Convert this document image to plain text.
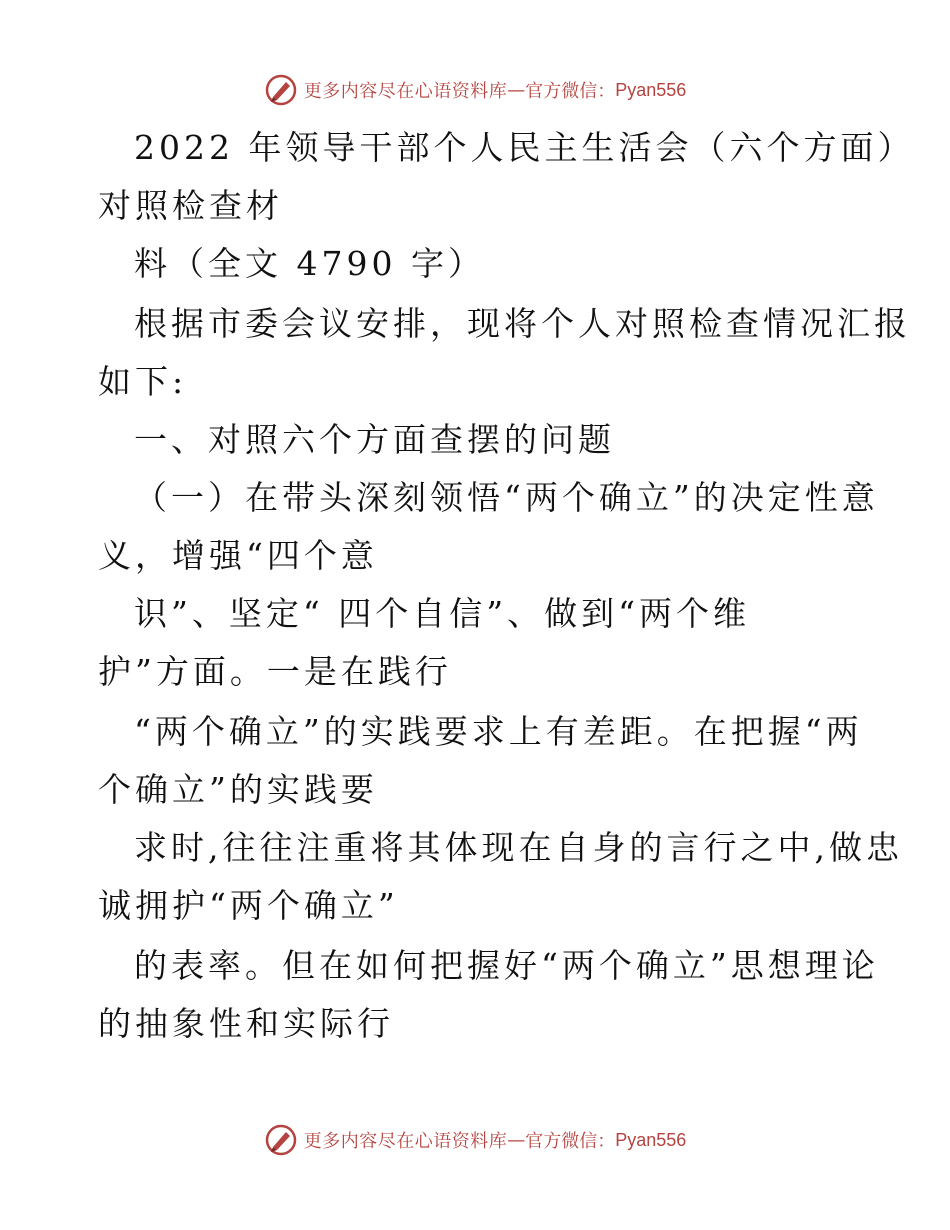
更多内容尽在心语资料库 — 官方微信： Pyan556
2022 年领导干部个人民主生活会（六个方面）
对照检查材
料（全文 4790 字）
根据市委会议安排，现将个人对照检查情况汇报
如下:
一、对照六个方面查摆的问题
（一）在带头深刻领悟“两个确立”的决定性意
义，增强“四个意
识”、坚定“ 四个自信”、做到“两个维
护”方面。一是在践行
“两个确立”的实践要求上有差距。在把握“两
个确立”的实践要
求时,往往注重将其体现在自身的言行之中,做忠
诚拥护“两个确立”
的表率。但在如何把握好“两个确立”思想理论
的抽象性和实际行
更多内容尽在心语资料库 — 官方微信： Pyan556
